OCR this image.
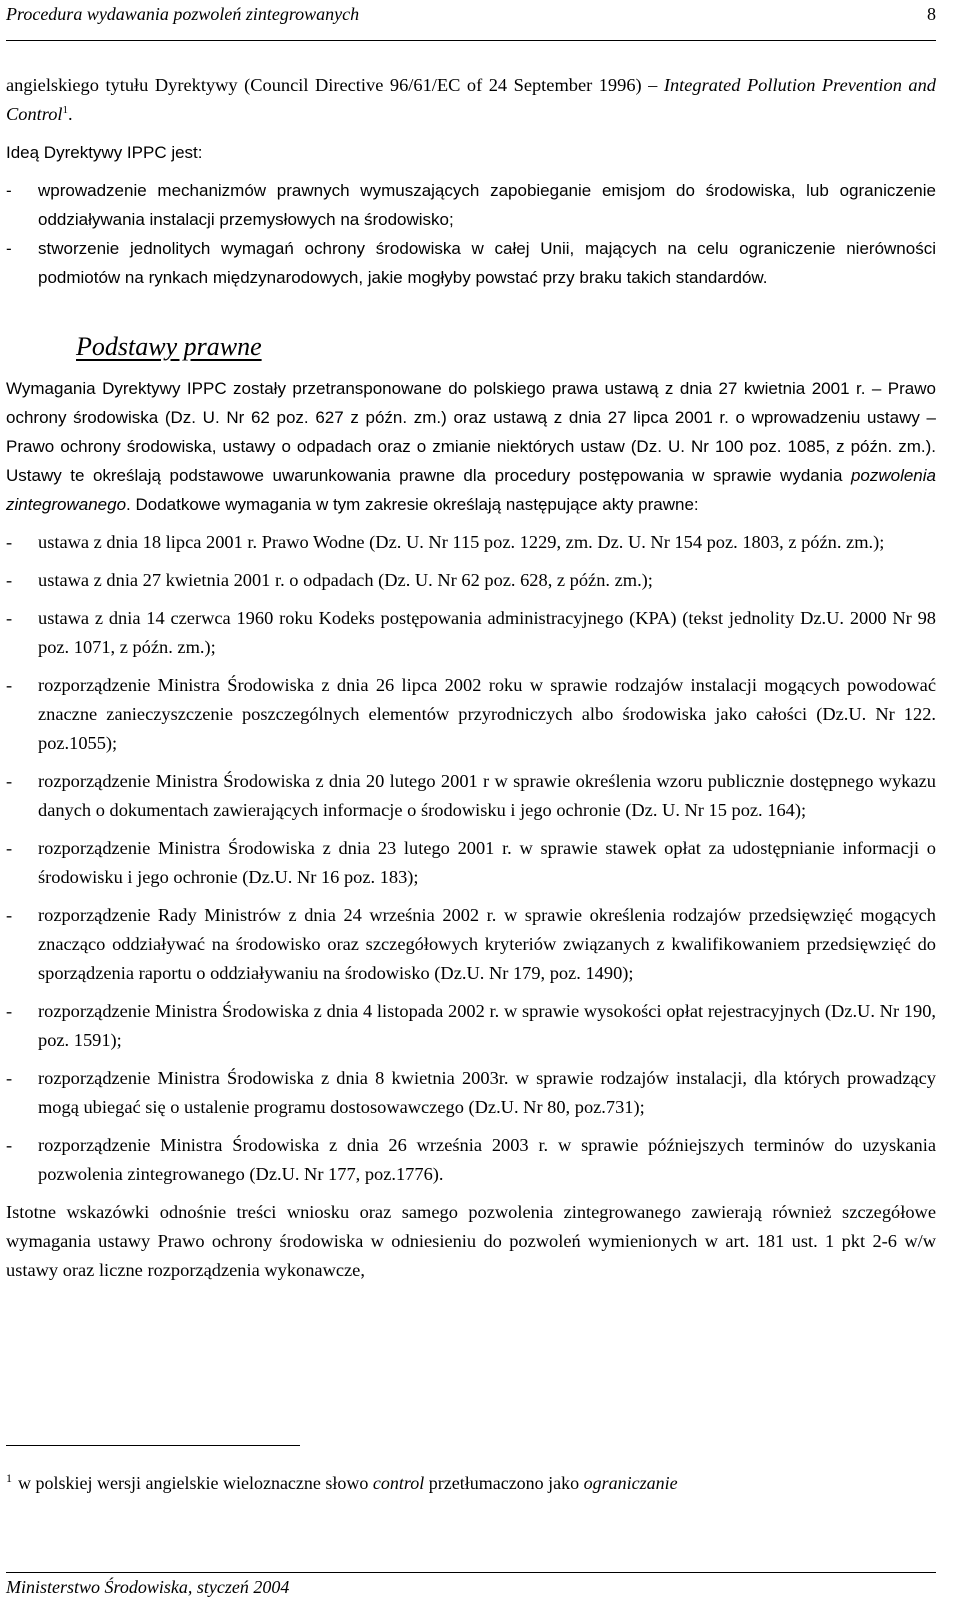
Procedura wydawania pozwoleń zintegrowanych	8

angielskiego tytułu Dyrektywy (Council Directive 96/61/EC of 24 September 1996) – Integrated Pollution Prevention and Control$^1$.

Ideą Dyrektywy IPPC jest:

- wprowadzenie mechanizmów prawnych wymuszających zapobieganie emisjom do środowiska, lub ograniczenie oddziaływania instalacji przemysłowych na środowisko;
- stworzenie jednolitych wymagań ochrony środowiska w całej Unii, mających na celu ograniczenie nierówności podmiotów na rynkach międzynarodowych, jakie mogłyby powstać przy braku takich standardów.
Podstawy prawne

Wymagania Dyrektywy IPPC zostały przetransponowane do polskiego prawa ustawą z dnia 27 kwietnia 2001 r. – Prawo ochrony środowiska (Dz. U. Nr 62 poz. 627 z późn. zm.) oraz ustawą z dnia 27 lipca 2001 r. o wprowadzeniu ustawy – Prawo ochrony środowiska, ustawy o odpadach oraz o zmianie niektórych ustaw (Dz. U. Nr 100 poz. 1085, z późn. zm.). Ustawy te określają podstawowe uwarunkowania prawne dla procedury postępowania w sprawie wydania pozwolenia zintegrowanego. Dodatkowe wymagania w tym zakresie określają następujące akty prawne:

- ustawa z dnia 18 lipca 2001 r. Prawo Wodne (Dz. U. Nr 115 poz. 1229, zm. Dz. U. Nr 154 poz. 1803, z późn. zm.);
- ustawa z dnia 27 kwietnia 2001 r. o odpadach (Dz. U. Nr 62 poz. 628, z późn. zm.);
- ustawa z dnia 14 czerwca 1960 roku Kodeks postępowania administracyjnego (KPA) (tekst jednolity Dz.U. 2000 Nr 98 poz. 1071, z późn. zm.);
- rozporządzenie Ministra Środowiska z dnia 26 lipca 2002 roku w sprawie rodzajów instalacji mogących powodować znaczne zanieczyszczenie poszczególnych elementów przyrodniczych albo środowiska jako całości (Dz.U. Nr 122. poz.1055);
- rozporządzenie Ministra Środowiska z dnia 20 lutego 2001 r w sprawie określenia wzoru publicznie dostępnego wykazu danych o dokumentach zawierających informacje o środowisku i jego ochronie (Dz. U. Nr 15 poz. 164);
- rozporządzenie Ministra Środowiska z dnia 23 lutego 2001 r. w sprawie stawek opłat za udostępnianie informacji o środowisku i jego ochronie (Dz.U. Nr 16 poz. 183);
- rozporządzenie Rady Ministrów z dnia 24 września 2002 r. w sprawie określenia rodzajów przedsięwzięć mogących znacząco oddziaływać na środowisko oraz szczegółowych kryteriów związanych z kwalifikowaniem przedsięwzięć do sporządzenia raportu o oddziaływaniu na środowisko (Dz.U. Nr 179, poz. 1490);
- rozporządzenie Ministra Środowiska z dnia 4 listopada 2002 r. w sprawie wysokości opłat rejestracyjnych (Dz.U. Nr 190, poz. 1591);
- rozporządzenie Ministra Środowiska z dnia 8 kwietnia 2003r. w sprawie rodzajów instalacji, dla których prowadzący mogą ubiegać się o ustalenie programu dostosowawczego (Dz.U. Nr 80, poz.731);
- rozporządzenie Ministra Środowiska z dnia 26 września 2003 r. w sprawie późniejszych terminów do uzyskania pozwolenia zintegrowanego (Dz.U. Nr 177, poz.1776).

Istotne wskazówki odnośnie treści wniosku oraz samego pozwolenia zintegrowanego zawierają również szczegółowe wymagania ustawy Prawo ochrony środowiska w odniesieniu do pozwoleń wymienionych w art. 181 ust. 1 pkt 2-6 w/w ustawy oraz liczne rozporządzenia wykonawcze,

$^1$ w polskiej wersji angielskie wieloznaczne słowo control przetłumaczono jako ograniczanie
Ministerstwo Środowiska, styczeń 2004
